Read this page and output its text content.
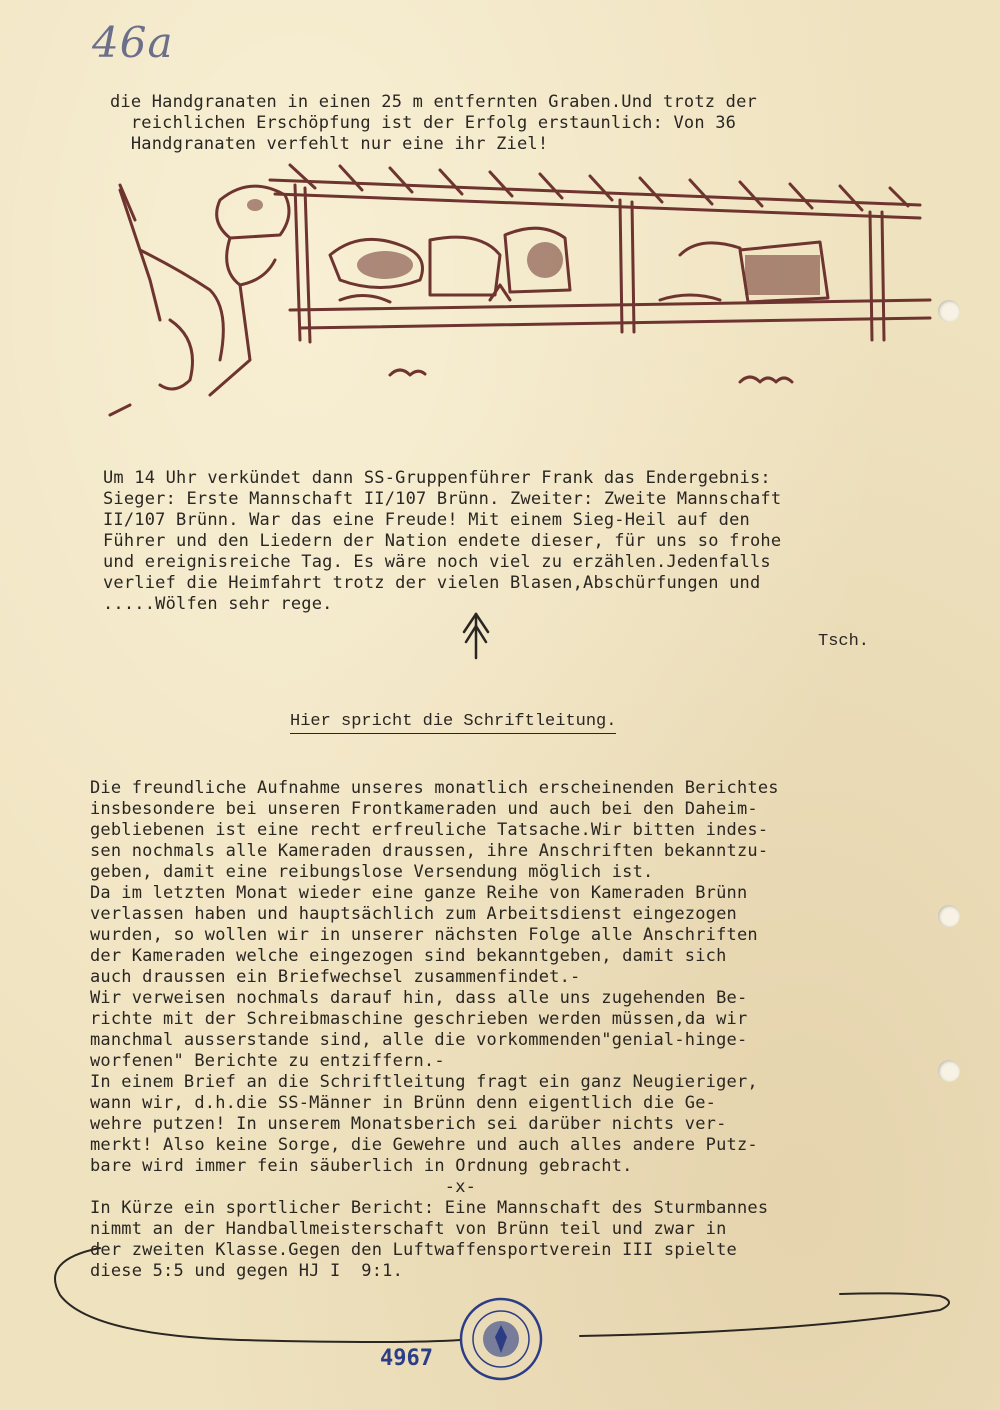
46a
die Handgranaten in einen 25 m entfernten Graben.Und trotz der
reichlichen Erschöpfung ist der Erfolg erstaunlich: Von 36
Handgranaten verfehlt nur eine ihr Ziel!
Um 14 Uhr verkündet dann SS-Gruppenführer Frank das Endergebnis:
Sieger: Erste Mannschaft II/107 Brünn. Zweiter: Zweite Mannschaft
II/107 Brünn. War das eine Freude! Mit einem Sieg-Heil auf den
Führer und den Liedern der Nation endete dieser, für uns so frohe
und ereignisreiche Tag. Es wäre noch viel zu erzählen.Jedenfalls
verlief die Heimfahrt trotz der vielen Blasen,Abschürfungen und
.....Wölfen sehr rege.
Tsch.
Hier spricht die Schriftleitung.
Die freundliche Aufnahme unseres monatlich erscheinenden Berichtes
insbesondere bei unseren Frontkameraden und auch bei den Daheim-
gebliebenen ist eine recht erfreuliche Tatsache.Wir bitten indes-
sen nochmals alle Kameraden draussen, ihre Anschriften bekanntzu-
geben, damit eine reibungslose Versendung möglich ist.
Da im letzten Monat wieder eine ganze Reihe von Kameraden Brünn
verlassen haben und hauptsächlich zum Arbeitsdienst eingezogen
wurden, so wollen wir in unserer nächsten Folge alle Anschriften
der Kameraden welche eingezogen sind bekanntgeben, damit sich
auch draussen ein Briefwechsel zusammenfindet.-
Wir verweisen nochmals darauf hin, dass alle uns zugehenden Be-
richte mit der Schreibmaschine geschrieben werden müssen,da wir
manchmal ausserstande sind, alle die vorkommenden"genial-hinge-
worfenen" Berichte zu entziffern.-
In einem Brief an die Schriftleitung fragt ein ganz Neugieriger,
wann wir, d.h.die SS-Männer in Brünn denn eigentlich die Ge-
wehre putzen! In unserem Monatsberich sei darüber nichts ver-
merkt! Also keine Sorge, die Gewehre und auch alles andere Putz-
bare wird immer fein säuberlich in Ordnung gebracht.
-x-
In Kürze ein sportlicher Bericht: Eine Mannschaft des Sturmbannes
nimmt an der Handballmeisterschaft von Brünn teil und zwar in
der zweiten Klasse.Gegen den Luftwaffensportverein III spielte
diese 5:5 und gegen HJ I  9:1.
4967
